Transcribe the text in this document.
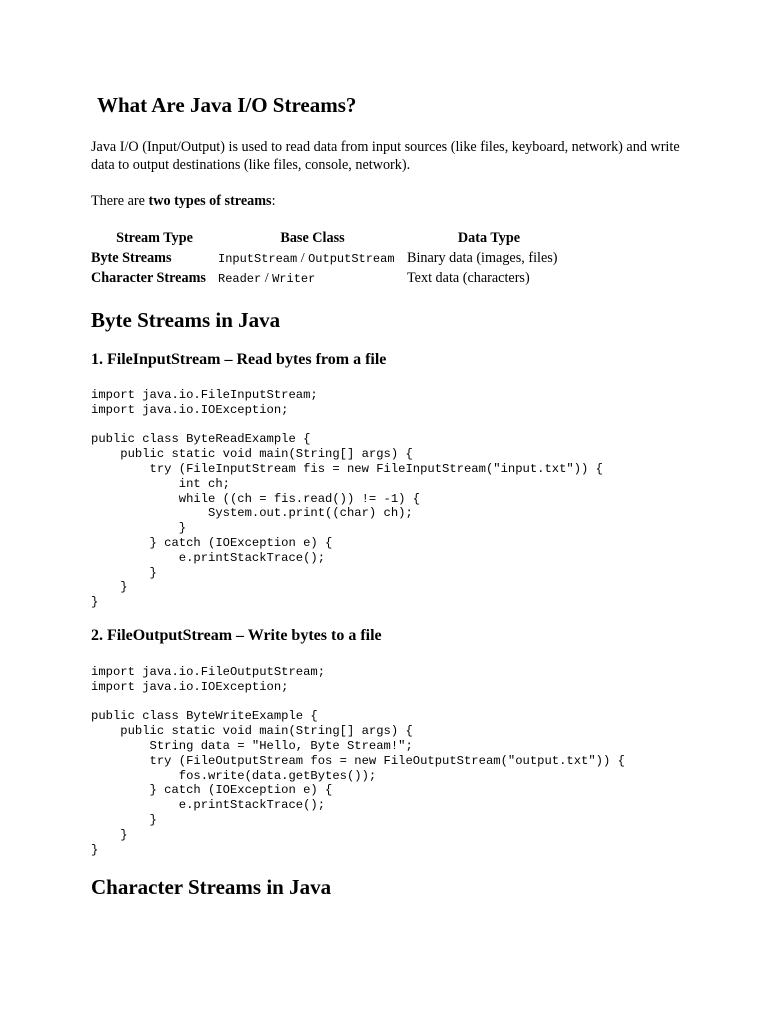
What Are Java I/O Streams?

Java I/O (Input/Output) is used to read data from input sources (like files, keyboard, network) and write data to output destinations (like files, console, network).

There are two types of streams:

Stream Type	Base Class	Data Type
Byte Streams	InputStream / OutputStream	Binary data (images, files)
Character Streams	Reader / Writer	Text data (characters)
Byte Streams in Java
1. FileInputStream – Read bytes from a file
import java.io.FileInputStream;
import java.io.IOException;

public class ByteReadExample {
public static void main(String[] args) {
try (FileInputStream fis = new FileInputStream("input.txt")) {
int ch;
while ((ch = fis.read()) != -1) {
System.out.print((char) ch);
}
} catch (IOException e) {
e.printStackTrace();
}
}
}
2. FileOutputStream – Write bytes to a file
import java.io.FileOutputStream;
import java.io.IOException;

public class ByteWriteExample {
public static void main(String[] args) {
String data = "Hello, Byte Stream!";
try (FileOutputStream fos = new FileOutputStream("output.txt")) {
fos.write(data.getBytes());
} catch (IOException e) {
e.printStackTrace();
}
}
}
Character Streams in Java
